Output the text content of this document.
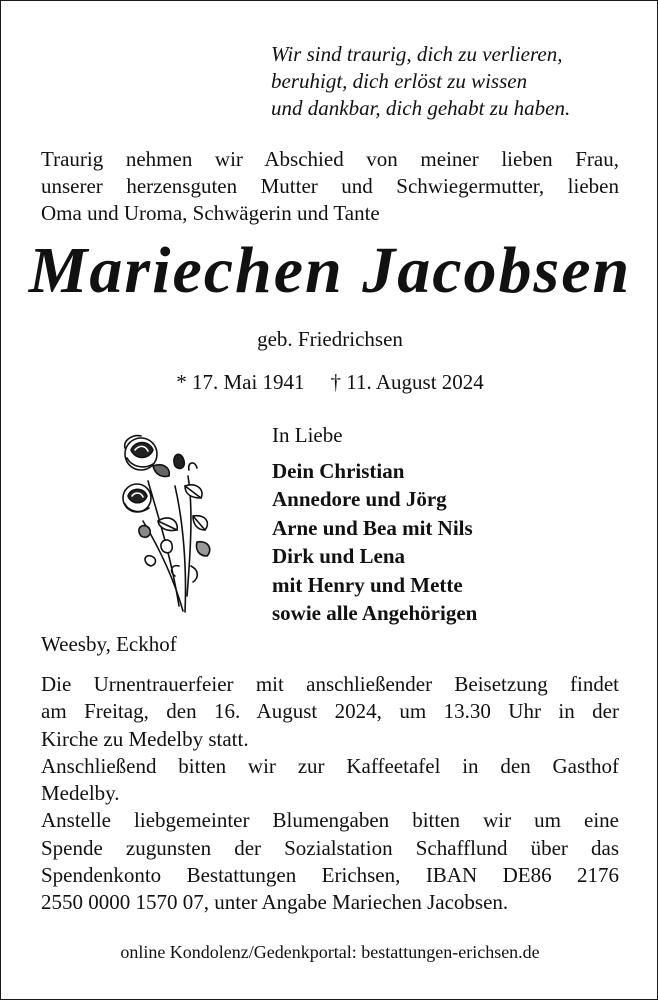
Wir sind traurig, dich zu verlieren,
beruhigt, dich erlöst zu wissen
und dankbar, dich gehabt zu haben.
Traurig nehmen wir Abschied von meiner lieben Frau,
unserer herzensguten Mutter und Schwiegermutter, lieben
Oma und Uroma, Schwägerin und Tante
Mariechen Jacobsen
geb. Friedrichsen
* 17. Mai 1941 † 11. August 2024
In Liebe
Dein Christian
Annedore und Jörg
Arne und Bea mit Nils
Dirk und Lena
mit Henry und Mette
sowie alle Angehörigen
Weesby, Eckhof
Die Urnentrauerfeier mit anschließender Beisetzung findet
am Freitag, den 16. August 2024, um 13.30 Uhr in der
Kirche zu Medelby statt.
Anschließend bitten wir zur Kaffeetafel in den Gasthof
Medelby.
Anstelle liebgemeinter Blumengaben bitten wir um eine
Spende zugunsten der Sozialstation Schafflund über das
Spendenkonto Bestattungen Erichsen, IBAN DE86 2176
2550 0000 1570 07, unter Angabe Mariechen Jacobsen.
online Kondolenz/Gedenkportal: bestattungen-erichsen.de
